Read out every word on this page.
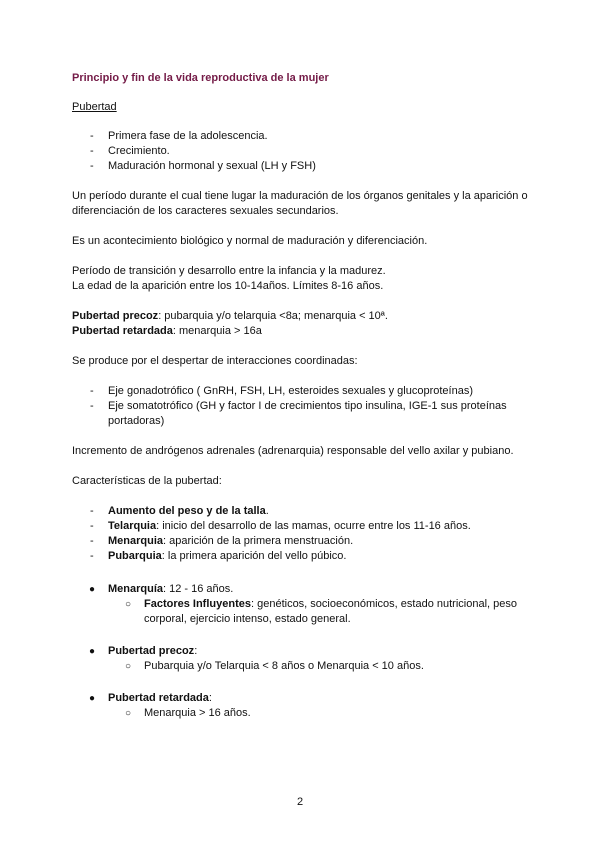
Principio y fin de la vida reproductiva de la mujer
Pubertad
- Primera fase de la adolescencia.
- Crecimiento.
- Maduración hormonal y sexual (LH y FSH)
Un período durante el cual tiene lugar la maduración de los órganos genitales y la aparición o diferenciación de los caracteres sexuales secundarios.
Es un acontecimiento biológico y normal de maduración y diferenciación.
Período de transición y desarrollo entre la infancia y la madurez.
La edad de la aparición entre los 10-14años. Límites 8-16 años.
Pubertad precoz: pubarquia y/o telarquia <8a; menarquia < 10ª.
Pubertad retardada: menarquia > 16a
Se produce por el despertar de interacciones coordinadas:
- Eje gonadotrófico ( GnRH, FSH, LH, esteroides sexuales y glucoproteínas)
- Eje somatotrófico (GH y factor I de crecimientos tipo insulina, IGE-1 sus proteínas portadoras)
Incremento de andrógenos adrenales (adrenarquia) responsable del vello axilar y pubiano.
Características de la pubertad:
- Aumento del peso y de la talla.
- Telarquia: inicio del desarrollo de las mamas, ocurre entre los 11-16 años.
- Menarquia: aparición de la primera menstruación.
- Pubarquia: la primera aparición del vello púbico.
● Menarquía: 12 - 16 años.
○ Factores Influyentes: genéticos, socioeconómicos, estado nutricional, peso corporal, ejercicio intenso, estado general.
● Pubertad precoz:
○ Pubarquia y/o Telarquia < 8 años o Menarquia < 10 años.
● Pubertad retardada:
○ Menarquia > 16 años.
2
